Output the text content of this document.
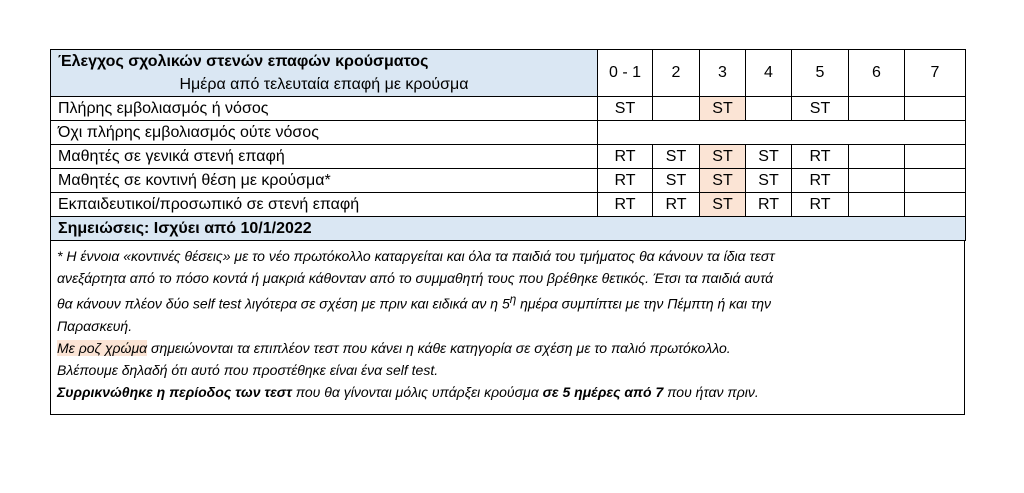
Έλεγχος σχολικών στενών επαφών κρούσματος	0 - 1	2	3	4	5	6	7
Ημέρα από τελευταία επαφή με κρούσμα							
Πλήρης εμβολιασμός ή νόσος	ST		ST		ST		
Όχι πλήρης εμβολιασμός ούτε νόσος							
Μαθητές σε γενικά στενή επαφή	RT	ST	ST	ST	RT		
Μαθητές σε κοντινή θέση με κρούσμα*	RT	ST	ST	ST	RT		
Εκπαιδευτικοί/προσωπικό σε στενή επαφή	RT	RT	ST	RT	RT		
Σημειώσεις: Ισχύει από 10/1/2022							

* Η έννοια «κοντινές θέσεις» με το νέο πρωτόκολλο καταργείται και όλα τα παιδιά του τμήματος θα κάνουν τα ίδια τεστ

ανεξάρτητα από το πόσο κοντά ή μακριά κάθονταν από το συμμαθητή τους που βρέθηκε θετικός. Έτσι τα παιδιά αυτά

θα κάνουν πλέον δύο self test λιγότερα σε σχέση με πριν και ειδικά αν η $5^\eta$ ημέρα συμπίπτει με την Πέμπτη ή και την

Παρασκευή.

Με ροζ χρώμα σημειώνονται τα επιπλέον τεστ που κάνει η κάθε κατηγορία σε σχέση με το παλιό πρωτόκολλο.

Βλέπουμε δηλαδή ότι αυτό που προστέθηκε είναι ένα self test.

Συρρικνώθηκε η περίοδος των τεστ που θα γίνονται μόλις υπάρξει κρούσμα σε 5 ημέρες από 7 που ήταν πριν.
